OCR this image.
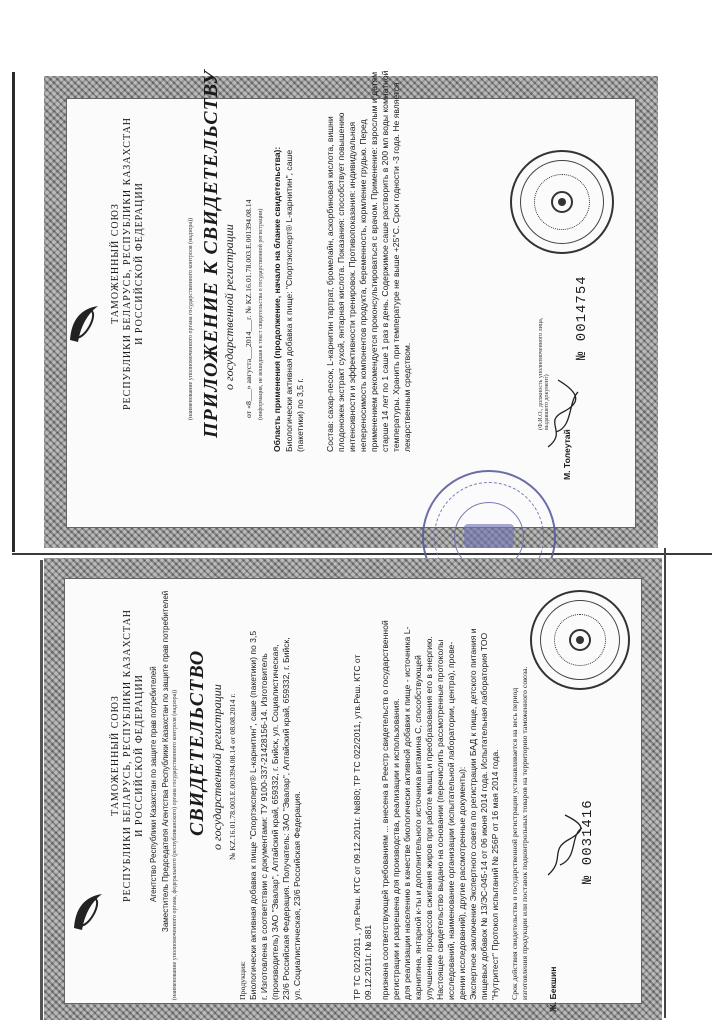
ТАМОЖЕННЫЙ СОЮЗ РЕСПУБЛИКИ БЕЛАРУСЬ, РЕСПУБЛИКИ КАЗАХСТАН И РОССИЙСКОЙ ФЕДЕРАЦИИ	(наименование уполномоченного органа государственного контроля (надзора)) ПРИЛОЖЕНИЕ К СВИДЕТЕЛЬСТВУ о государственной регистрации от «8___» августа___2014___г. № KZ.16.01.78.003.E.001394.08.14 (информация, не вошедшая в текст свидетельства о государственной регистрации) Область применения (продолжение, начало на бланке свидетельства): Биологически активная добавка к пище: "Спортэксперт® L-карнитин", саше (пакетики) по 3,5 г. Состав: сахар-песок, L-карнитин тартрат, бромелайн, аскорбиновая кислота, вишни плодоножек экстракт сухой, янтарная кислота. Показания: способствует повышению интенсивности и эффективности тренировок. Противопоказания: индивидуальная непереносимость компонентов продукта, беременность, кормление грудью. Перед применением рекомендуется проконсультироваться с врачом. Применение: взрослым и детям старше 14 лет по 1 саше 1 раз в день. Содержимое саше растворить в 200 мл воды комнатной температуры. Хранить при температуре не выше +25°C. Срок годности -3 года. Не является лекарственным средством.	(Ф.И.О., должность уполномоченного лица, выдавшего документ)
М. Толеутай
№ 0014754
ТАМОЖЕННЫЙ СОЮЗ РЕСПУБЛИКИ БЕЛАРУСЬ, РЕСПУБЛИКИ КАЗАХСТАН И РОССИЙСКОЙ ФЕДЕРАЦИИ Агентство Республики Казахстан по защите прав потребителей Заместитель Председателя Агентства Республики Казахстан по защите прав потребителей (наименование уполномоченного органа, федерального (республиканского) органа государственного контроля (надзора)) СВИДЕТЕЛЬСТВО о государственной регистрации № KZ.16.01.78.003.E.001394.08.14 от 08.08.2014 г.
Продукция: Биологически активная добавка к пище "Спортэксперт® L-карнитин", саше (пакетики) по 3,5 г. Изготовлена в соответствии с документами: ТУ 9100-337-21428156-14. Изготовитель (производитель) ЗАО "Эвалар", Алтайский край, 659332, г. Бийск, ул. Социалистическая, 23/6 Российская Федерация. Получатель: ЗАО "Эвалар", Алтайский край, 659332, г. Бийск, ул. Социалистическая, 23/6 Российская Федерация.	ТР ТС 021/2011 , утв.Реш. КТС от 09.12.2011г. №880; ТР ТС 022/2011, утв.Реш. КТС от 09.12.2011г. № 881 признана соответствующей требованиям ... внесена в Реестр свидетельств о государственной регистрации и разрешена для производства, реализации и использования. для реализации населению в качестве биологически активной добавки к пище - источника L- карнитина, янтарной к-ты и дополнительного источника витамина С, способствующей улучшению процессов сжигания жиров при работе мышц и преобразования его в энергию. Настоящее свидетельство выдано на основании (перечислить рассмотренные протоколы исследований, наименование организации (испытательной лаборатории, центра), прове- дении исследований), другие рассмотренные документы): Экспертное заключение Экспертного совета по регистрации БАД к пище, детского питания и пищевых добавок № 13/ЭС-045-14 от 06 июня 2014 года. Испытательная лаборатория ТОО "Нутритест" Протокол испытаний № 256Р от 16 мая 2014 года. Срок действия свидетельства о государственной регистрации устанавливается на весь период изготовления продукции или поставок подконтрольных товаров на территорию таможенного союза. Ж. Бекшин
№ 0031416
